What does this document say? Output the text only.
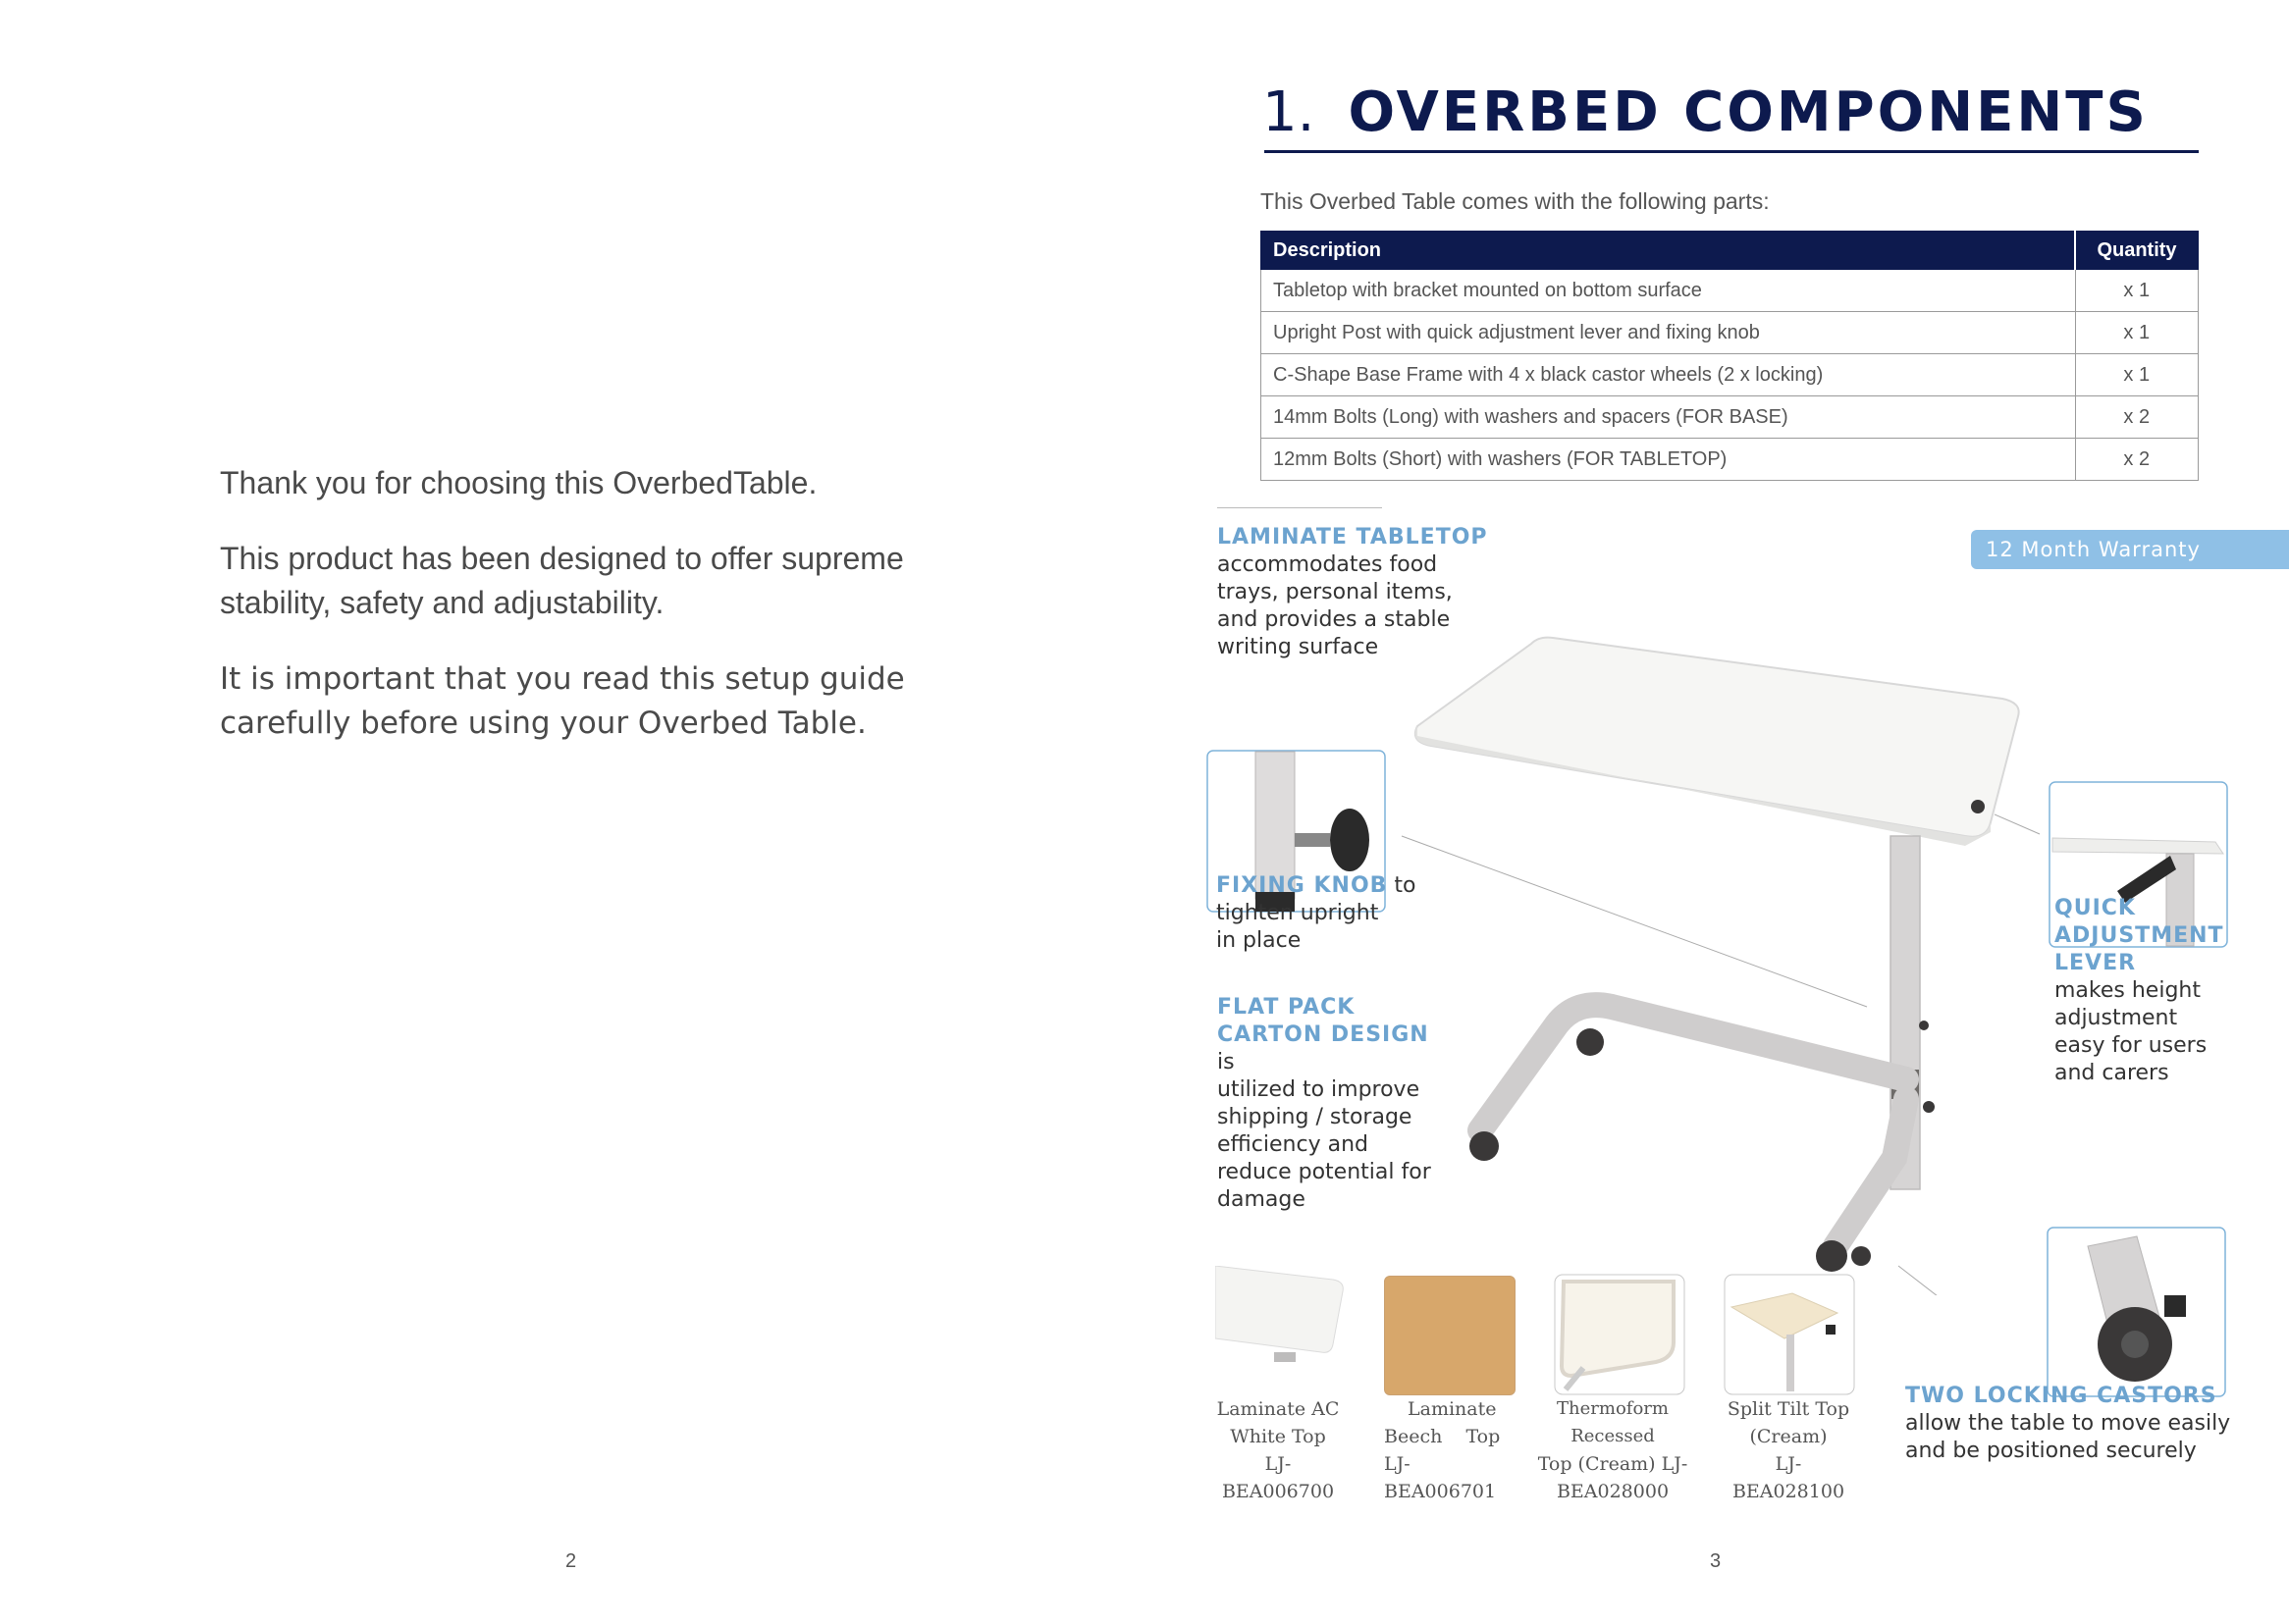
Thank you for choosing this OverbedTable.
This product has been designed to offer supreme stability, safety and adjustability.
It is important that you read this setup guide carefully before using your Overbed Table.
2
1. OVERBED COMPONENTS
This Overbed Table comes with the following parts:
Description	Quantity
Tabletop with bracket mounted on bottom surface	x 1
Upright Post with quick adjustment lever and fixing knob	x 1
C-Shape Base Frame with 4 x black castor wheels (2 x locking)	x 1
14mm Bolts (Long) with washers and spacers (FOR BASE)	x 2
12mm Bolts (Short) with washers (FOR TABLETOP)	x 2
12 Month Warranty
LAMINATE TABLETOP
accommodates food
trays, personal items,
and provides a stable
writing surface
FIXING KNOB to
tighten upright
in place
FLAT PACK
CARTON DESIGN
is
utilized to improve
shipping / storage
efficiency and
reduce potential for
damage
QUICK
ADJUSTMENT
LEVER
makes height
adjustment
easy for users
and carers
TWO LOCKING CASTORS
allow the table to move easily
and be positioned securely
Laminate AC
White Top
LJ-
BEA006700
Laminate
Beech    Top
LJ-
BEA006701
Thermoform Recessed
Top (Cream) LJ-
BEA028000
Split Tilt Top
(Cream)
LJ-
BEA028100
3
